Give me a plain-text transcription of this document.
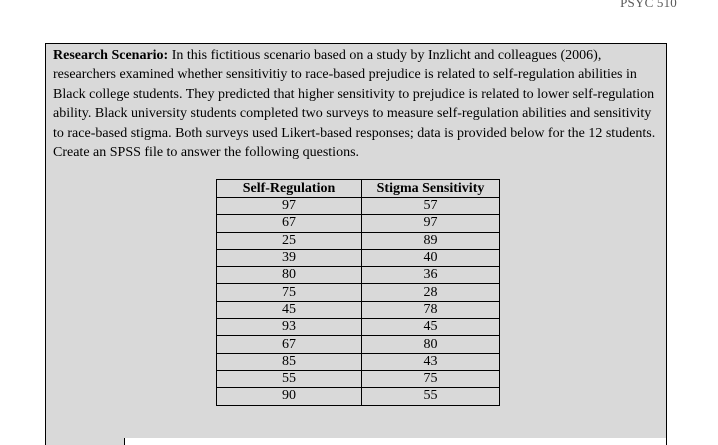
PSYC 510
Research Scenario: In this fictitious scenario based on a study by Inzlicht and colleagues (2006), researchers examined whether sensitivitiy to race-based prejudice is related to self-regulation abilities in Black college students. They predicted that higher sensitivity to prejudice is related to lower self-regulation ability. Black university students completed two surveys to measure self-regulation abilities and sensitivity to race-based stigma. Both surveys used Likert-based responses; data is provided below for the 12 students. Create an SPSS file to answer the following questions.
Self-Regulation	Stigma Sensitivity
97	57
67	97
25	89
39	40
80	36
75	28
45	78
93	45
67	80
85	43
55	75
90	55
